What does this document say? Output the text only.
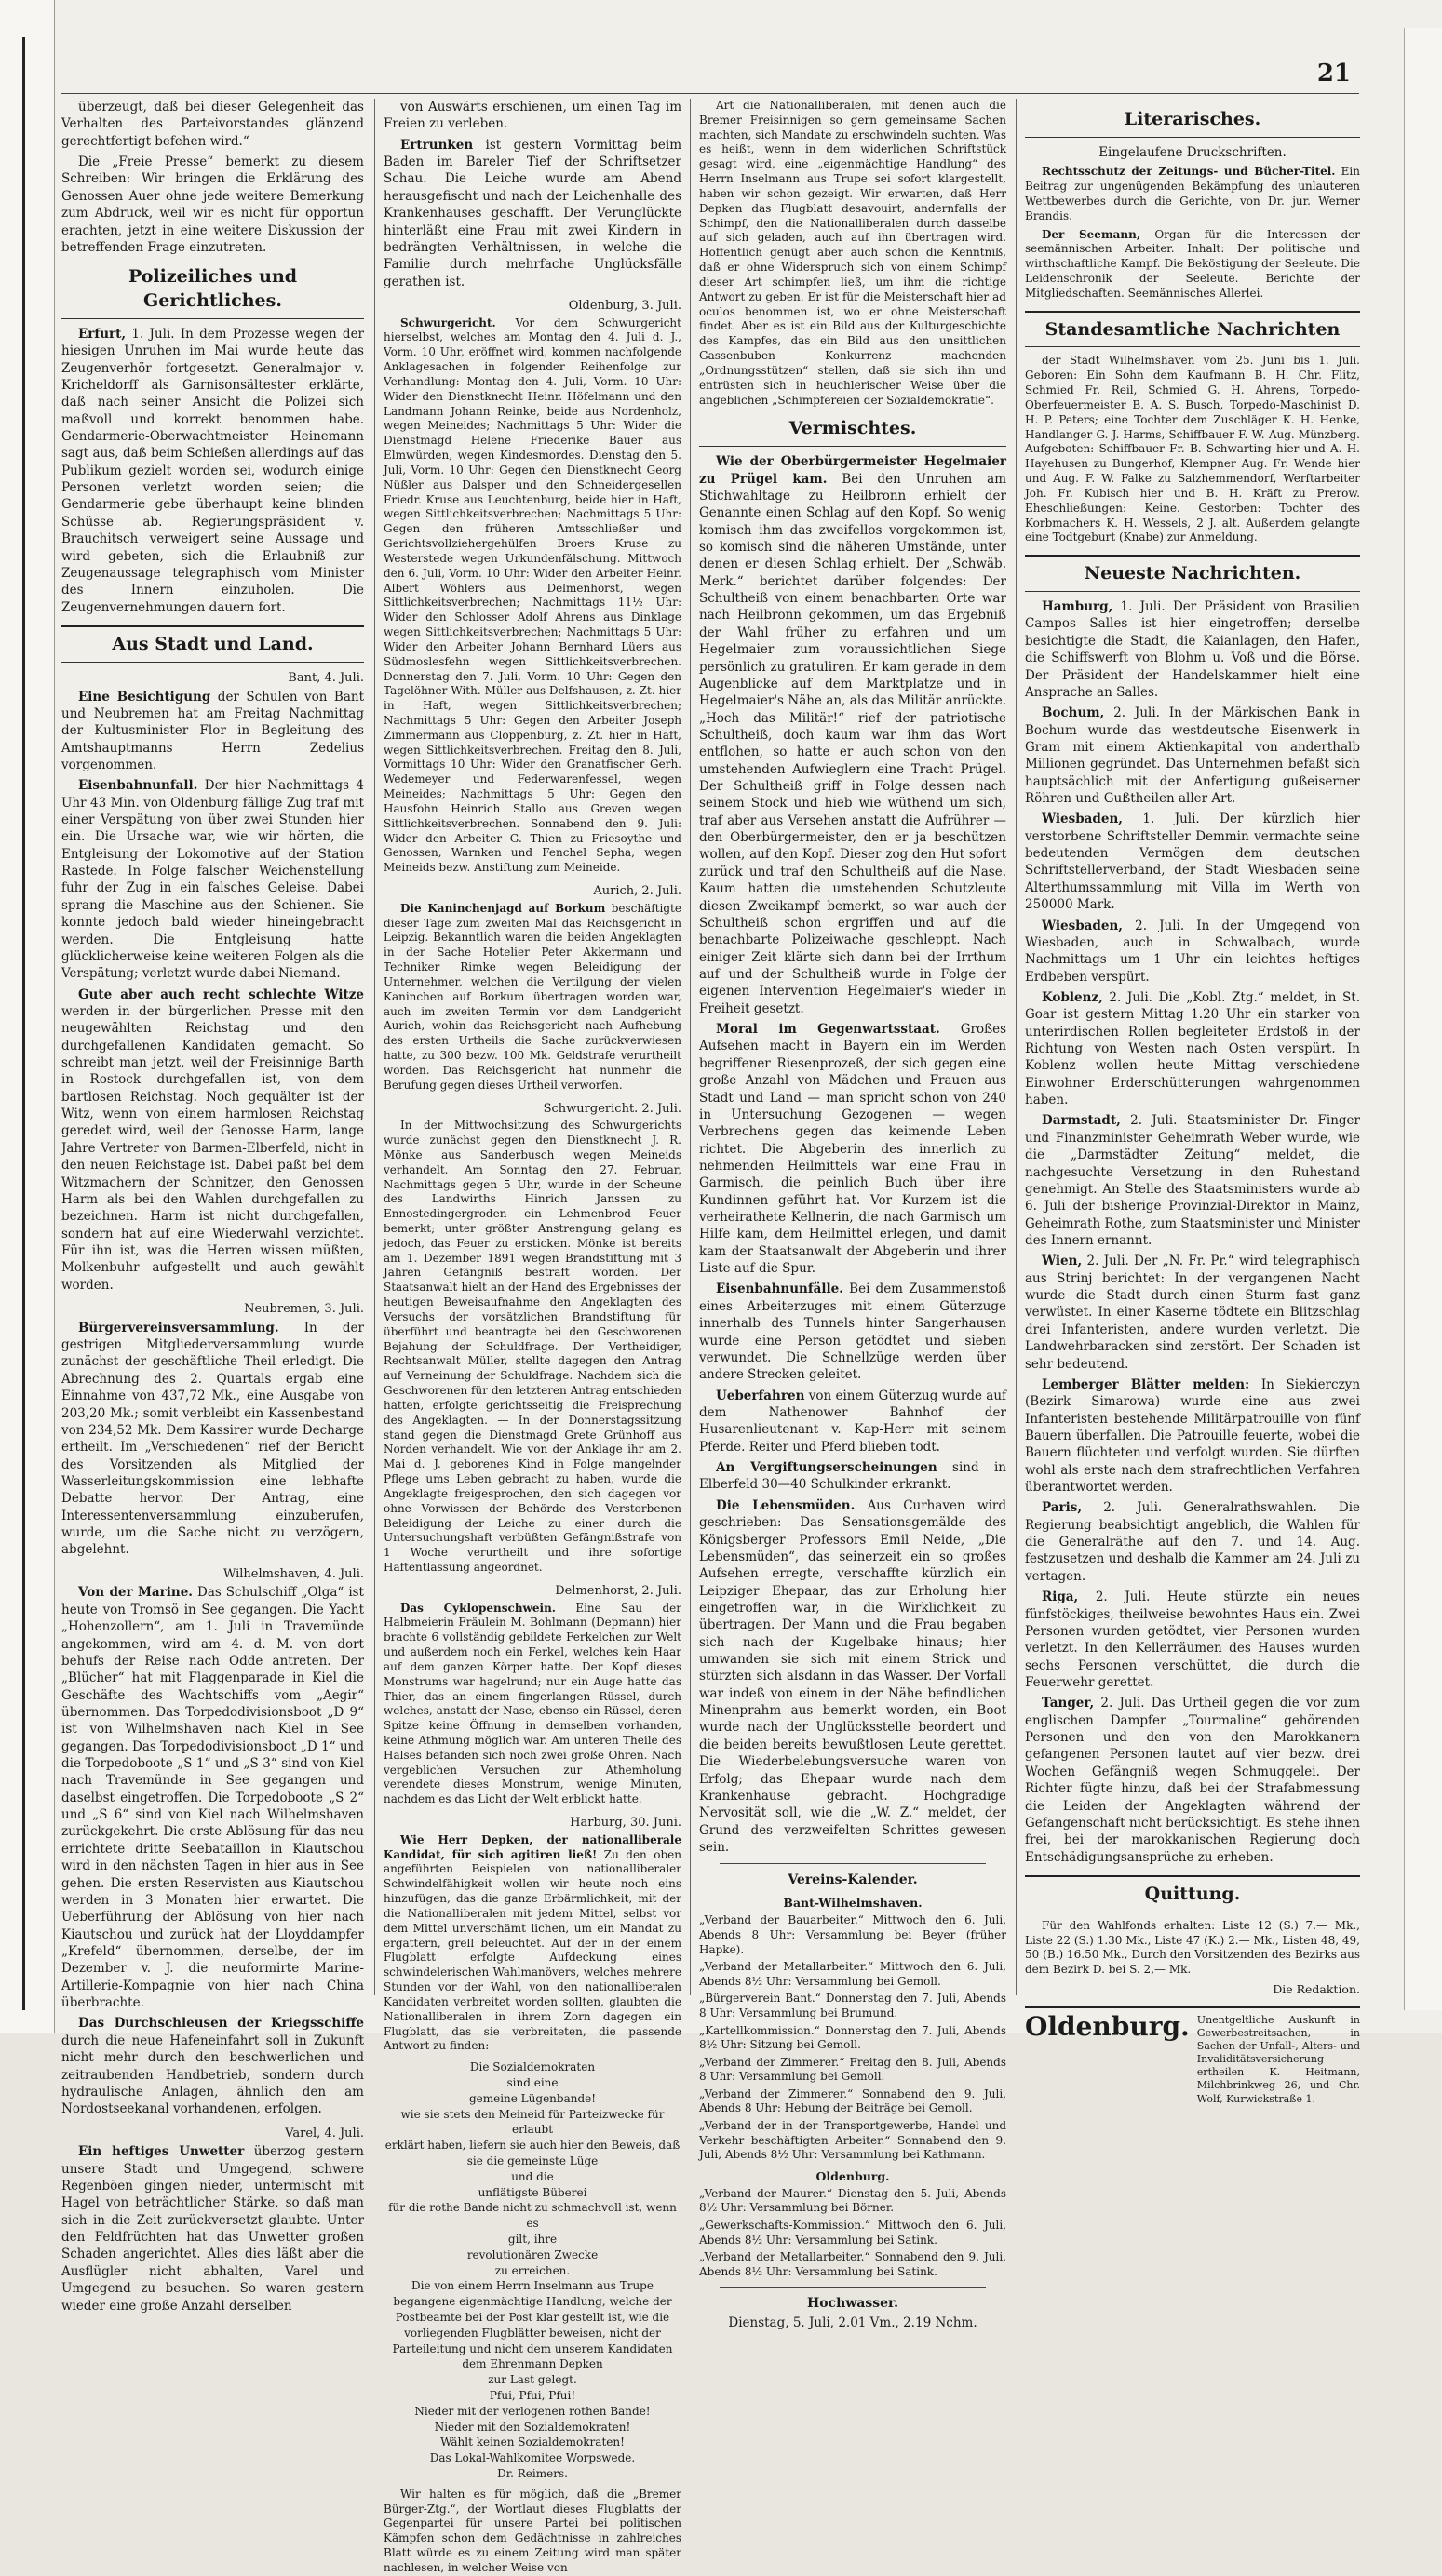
21
überzeugt, daß bei dieser Gelegenheit das Verhalten des Parteivorstandes glänzend gerechtfertigt befehen wird.“
Die „Freie Presse“ bemerkt zu diesem Schreiben: Wir bringen die Erklärung des Genossen Auer ohne jede weitere Bemerkung zum Abdruck, weil wir es nicht für opportun erachten, jetzt in eine weitere Diskussion der betreffenden Frage einzutreten.
Polizeiliches und Gerichtliches.
Erfurt, 1. Juli. In dem Prozesse wegen der hiesigen Unruhen im Mai wurde heute das Zeugenverhör fortgesetzt. Generalmajor v. Kricheldorff als Garnisonsältester erklärte, daß nach seiner Ansicht die Polizei sich maßvoll und korrekt benommen habe. Gendarmerie-Oberwachtmeister Heinemann sagt aus, daß beim Schießen allerdings auf das Publikum gezielt worden sei, wodurch einige Personen verletzt worden seien; die Gendarmerie gebe überhaupt keine blinden Schüsse ab. Regierungspräsident v. Brauchitsch verweigert seine Aussage und wird gebeten, sich die Erlaubniß zur Zeugenaussage telegraphisch vom Minister des Innern einzuholen. Die Zeugenvernehmungen dauern fort.
Aus Stadt und Land.
Bant, 4. Juli.
Eine Besichtigung der Schulen von Bant und Neubremen hat am Freitag Nachmittag der Kultusminister Flor in Begleitung des Amtshauptmanns Herrn Zedelius vorgenommen.
Eisenbahnunfall. Der hier Nachmittags 4 Uhr 43 Min. von Oldenburg fällige Zug traf mit einer Verspätung von über zwei Stunden hier ein. Die Ursache war, wie wir hörten, die Entgleisung der Lokomotive auf der Station Rastede. In Folge falscher Weichenstellung fuhr der Zug in ein falsches Geleise. Dabei sprang die Maschine aus den Schienen. Sie konnte jedoch bald wieder hineingebracht werden. Die Entgleisung hatte glücklicherweise keine weiteren Folgen als die Verspätung; verletzt wurde dabei Niemand.
Gute aber auch recht schlechte Witze werden in der bürgerlichen Presse mit den neugewählten Reichstag und den durchgefallenen Kandidaten gemacht. So schreibt man jetzt, weil der Freisinnige Barth in Rostock durchgefallen ist, von dem bartlosen Reichstag. Noch gequälter ist der Witz, wenn von einem harmlosen Reichstag geredet wird, weil der Genosse Harm, lange Jahre Vertreter von Barmen-Elberfeld, nicht in den neuen Reichstage ist. Dabei paßt bei dem Witzmachern der Schnitzer, den Genossen Harm als bei den Wahlen durchgefallen zu bezeichnen. Harm ist nicht durchgefallen, sondern hat auf eine Wiederwahl verzichtet. Für ihn ist, was die Herren wissen müßten, Molkenbuhr aufgestellt und auch gewählt worden.
Neubremen, 3. Juli.
Bürgervereinsversammlung. In der gestrigen Mitgliederversammlung wurde zunächst der geschäftliche Theil erledigt. Die Abrechnung des 2. Quartals ergab eine Einnahme von 437,72 Mk., eine Ausgabe von 203,20 Mk.; somit verbleibt ein Kassenbestand von 234,52 Mk. Dem Kassirer wurde Decharge ertheilt. Im „Verschiedenen“ rief der Bericht des Vorsitzenden als Mitglied der Wasserleitungskommission eine lebhafte Debatte hervor. Der Antrag, eine Interessentenversammlung einzuberufen, wurde, um die Sache nicht zu verzögern, abgelehnt.
Wilhelmshaven, 4. Juli.
Von der Marine. Das Schulschiff „Olga“ ist heute von Tromsö in See gegangen. Die Yacht „Hohenzollern“, am 1. Juli in Travemünde angekommen, wird am 4. d. M. von dort behufs der Reise nach Odde antreten. Der „Blücher“ hat mit Flaggenparade in Kiel die Geschäfte des Wachtschiffs vom „Aegir“ übernommen. Das Torpedodivisionsboot „D 9“ ist von Wilhelmshaven nach Kiel in See gegangen. Das Torpedodivisionsboot „D 1“ und die Torpedoboote „S 1“ und „S 3“ sind von Kiel nach Travemünde in See gegangen und daselbst eingetroffen. Die Torpedoboote „S 2“ und „S 6“ sind von Kiel nach Wilhelmshaven zurückgekehrt. Die erste Ablösung für das neu errichtete dritte Seebataillon in Kiautschou wird in den nächsten Tagen in hier aus in See gehen. Die ersten Reservisten aus Kiautschou werden in 3 Monaten hier erwartet. Die Ueberführung der Ablösung von hier nach Kiautschou und zurück hat der Lloyddampfer „Krefeld“ übernommen, derselbe, der im Dezember v. J. die neuformirte Marine-Artillerie-Kompagnie von hier nach China überbrachte.
Das Durchschleusen der Kriegsschiffe durch die neue Hafeneinfahrt soll in Zukunft nicht mehr durch den beschwerlichen und zeitraubenden Handbetrieb, sondern durch hydraulische Anlagen, ähnlich den am Nordostseekanal vorhandenen, erfolgen.
Varel, 4. Juli.
Ein heftiges Unwetter überzog gestern unsere Stadt und Umgegend, schwere Regenböen gingen nieder, untermischt mit Hagel von beträchtlicher Stärke, so daß man sich in die Zeit zurückversetzt glaubte. Unter den Feldfrüchten hat das Unwetter großen Schaden angerichtet. Alles dies läßt aber die Ausflügler nicht abhalten, Varel und Umgegend zu besuchen. So waren gestern wieder eine große Anzahl derselben
von Auswärts erschienen, um einen Tag im Freien zu verleben.
Ertrunken ist gestern Vormittag beim Baden im Bareler Tief der Schriftsetzer Schau. Die Leiche wurde am Abend herausgefischt und nach der Leichenhalle des Krankenhauses geschafft. Der Verunglückte hinterläßt eine Frau mit zwei Kindern in bedrängten Verhältnissen, in welche die Familie durch mehrfache Unglücksfälle gerathen ist.
Oldenburg, 3. Juli.
Schwurgericht. Vor dem Schwurgericht hierselbst, welches am Montag den 4. Juli d. J., Vorm. 10 Uhr, eröffnet wird, kommen nachfolgende Anklagesachen in folgender Reihenfolge zur Verhandlung: Montag den 4. Juli, Vorm. 10 Uhr: Wider den Dienstknecht Heinr. Höfelmann und den Landmann Johann Reinke, beide aus Nordenholz, wegen Meineides; Nachmittags 5 Uhr: Wider die Dienstmagd Helene Friederike Bauer aus Elmwürden, wegen Kindesmordes. Dienstag den 5. Juli, Vorm. 10 Uhr: Gegen den Dienstknecht Georg Nüßler aus Dalsper und den Schneidergesellen Friedr. Kruse aus Leuchtenburg, beide hier in Haft, wegen Sittlichkeitsverbrechen; Nachmittags 5 Uhr: Gegen den früheren Amtsschließer und Gerichtsvollziehergehülfen Broers Kruse zu Westerstede wegen Urkundenfälschung. Mittwoch den 6. Juli, Vorm. 10 Uhr: Wider den Arbeiter Heinr. Albert Wöhlers aus Delmenhorst, wegen Sittlichkeitsverbrechen; Nachmittags 11½ Uhr: Wider den Schlosser Adolf Ahrens aus Dinklage wegen Sittlichkeitsverbrechen; Nachmittags 5 Uhr: Wider den Arbeiter Johann Bernhard Lüers aus Südmoslesfehn wegen Sittlichkeitsverbrechen. Donnerstag den 7. Juli, Vorm. 10 Uhr: Gegen den Tagelöhner With. Müller aus Delfshausen, z. Zt. hier in Haft, wegen Sittlichkeitsverbrechen; Nachmittags 5 Uhr: Gegen den Arbeiter Joseph Zimmermann aus Cloppenburg, z. Zt. hier in Haft, wegen Sittlichkeitsverbrechen. Freitag den 8. Juli, Vormittags 10 Uhr: Wider den Granatfischer Gerh. Wedemeyer und Federwarenfessel, wegen Meineides; Nachmittags 5 Uhr: Gegen den Hausfohn Heinrich Stallo aus Greven wegen Sittlichkeitsverbrechen. Sonnabend den 9. Juli: Wider den Arbeiter G. Thien zu Friesoythe und Genossen, Warnken und Fenchel Sepha, wegen Meineids bezw. Anstiftung zum Meineide.
Aurich, 2. Juli.
Die Kaninchenjagd auf Borkum beschäftigte dieser Tage zum zweiten Mal das Reichsgericht in Leipzig. Bekanntlich waren die beiden Angeklagten in der Sache Hotelier Peter Akkermann und Techniker Rimke wegen Beleidigung der Unternehmer, welchen die Vertilgung der vielen Kaninchen auf Borkum übertragen worden war, auch im zweiten Termin vor dem Landgericht Aurich, wohin das Reichsgericht nach Aufhebung des ersten Urtheils die Sache zurückverwiesen hatte, zu 300 bezw. 100 Mk. Geldstrafe verurtheilt worden. Das Reichsgericht hat nunmehr die Berufung gegen dieses Urtheil verworfen.
Schwurgericht. 2. Juli.
In der Mittwochsitzung des Schwurgerichts wurde zunächst gegen den Dienstknecht J. R. Mönke aus Sanderbusch wegen Meineids verhandelt. Am Sonntag den 27. Februar, Nachmittags gegen 5 Uhr, wurde in der Scheune des Landwirths Hinrich Janssen zu Ennostedingergroden ein Lehmenbrod Feuer bemerkt; unter größter Anstrengung gelang es jedoch, das Feuer zu ersticken. Mönke ist bereits am 1. Dezember 1891 wegen Brandstiftung mit 3 Jahren Gefängniß bestraft worden. Der Staatsanwalt hielt an der Hand des Ergebnisses der heutigen Beweisaufnahme den Angeklagten des Versuchs der vorsätzlichen Brandstiftung für überführt und beantragte bei den Geschworenen Bejahung der Schuldfrage. Der Vertheidiger, Rechtsanwalt Müller, stellte dagegen den Antrag auf Verneinung der Schuldfrage. Nachdem sich die Geschworenen für den letzteren Antrag entschieden hatten, erfolgte gerichtsseitig die Freisprechung des Angeklagten. — In der Donnerstagssitzung stand gegen die Dienstmagd Grete Grünhoff aus Norden verhandelt. Wie von der Anklage ihr am 2. Mai d. J. geborenes Kind in Folge mangelnder Pflege ums Leben gebracht zu haben, wurde die Angeklagte freigesprochen, den sich dagegen vor ohne Vorwissen der Behörde des Verstorbenen Beleidigung der Leiche zu einer durch die Untersuchungshaft verbüßten Gefängnißstrafe von 1 Woche verurtheilt und ihre sofortige Haftentlassung angeordnet.
Delmenhorst, 2. Juli.
Das Cyklopenschwein. Eine Sau der Halbmeierin Fräulein M. Bohlmann (Depmann) hier brachte 6 vollständig gebildete Ferkelchen zur Welt und außerdem noch ein Ferkel, welches kein Haar auf dem ganzen Körper hatte. Der Kopf dieses Monstrums war hagelrund; nur ein Auge hatte das Thier, das an einem fingerlangen Rüssel, durch welches, anstatt der Nase, ebenso ein Rüssel, deren Spitze keine Öffnung in demselben vorhanden, keine Athmung möglich war. Am unteren Theile des Halses befanden sich noch zwei große Ohren. Nach vergeblichen Versuchen zur Athemholung verendete dieses Monstrum, wenige Minuten, nachdem es das Licht der Welt erblickt hatte.
Harburg, 30. Juni.
Wie Herr Depken, der nationalliberale Kandidat, für sich agitiren ließ! Zu den oben angeführten Beispielen von nationalliberaler Schwindelfähigkeit wollen wir heute noch eins hinzufügen, das die ganze Erbärmlichkeit, mit der die Nationalliberalen mit jedem Mittel, selbst vor dem Mittel unverschämt lichen, um ein Mandat zu ergattern, grell beleuchtet. Auf der in der einem Flugblatt erfolgte Aufdeckung eines schwindelerischen Wahlmanövers, welches mehrere Stunden vor der Wahl, von den nationalliberalen Kandidaten verbreitet worden sollten, glaubten die Nationalliberalen in ihrem Zorn dagegen ein Flugblatt, das sie verbreiteten, die passende Antwort zu finden:
Die Sozialdemokraten
sind eine
gemeine Lügenbande!
wie sie stets den Meineid für Parteizwecke für erlaubt
erklärt haben, liefern sie auch hier den Beweis, daß
sie die gemeinste Lüge
und die
unflätigste Büberei
für die rothe Bande nicht zu schmachvoll ist, wenn es
gilt, ihre
revolutionären Zwecke
zu erreichen.
Die von einem Herrn Inselmann aus Trupe begangene eigenmächtige Handlung, welche der Postbeamte bei der Post klar gestellt ist, wie die vorliegenden Flugblätter beweisen, nicht der Parteileitung und nicht dem unserem Kandidaten
dem Ehrenmann Depken
zur Last gelegt.
Pfui, Pfui, Pfui!
Nieder mit der verlogenen rothen Bande!
Nieder mit den Sozialdemokraten!
Wählt keinen Sozialdemokraten!
Das Lokal-Wahlkomitee Worpswede.
Dr. Reimers.
Wir halten es für möglich, daß die „Bremer Bürger-Ztg.“, der Wortlaut dieses Flugblatts der Gegenpartei für unsere Partei bei politischen Kämpfen schon dem Gedächtnisse in zahlreiches Blatt würde es zu einem Zeitung wird man später nachlesen, in welcher Weise von
Art die Nationalliberalen, mit denen auch die Bremer Freisinnigen so gern gemeinsame Sachen machten, sich Mandate zu erschwindeln suchten. Was es heißt, wenn in dem widerlichen Schriftstück gesagt wird, eine „eigenmächtige Handlung“ des Herrn Inselmann aus Trupe sei sofort klargestellt, haben wir schon gezeigt. Wir erwarten, daß Herr Depken das Flugblatt desavouirt, andernfalls der Schimpf, den die Nationalliberalen durch dasselbe auf sich geladen, auch auf ihn übertragen wird. Hoffentlich genügt aber auch schon die Kenntniß, daß er ohne Widerspruch sich von einem Schimpf dieser Art schimpfen ließ, um ihm die richtige Antwort zu geben. Er ist für die Meisterschaft hier ad oculos benommen ist, wo er ohne Meisterschaft findet. Aber es ist ein Bild aus der Kulturgeschichte des Kampfes, das ein Bild aus den unsittlichen Gassenbuben Konkurrenz machenden „Ordnungsstützen“ stellen, daß sie sich ihn und entrüsten sich in heuchlerischer Weise über die angeblichen „Schimpfereien der Sozialdemokratie“.
Vermischtes.
Wie der Oberbürgermeister Hegelmaier zu Prügel kam. Bei den Unruhen am Stichwahltage zu Heilbronn erhielt der Genannte einen Schlag auf den Kopf. So wenig komisch ihm das zweifellos vorgekommen ist, so komisch sind die näheren Umstände, unter denen er diesen Schlag erhielt. Der „Schwäb. Merk.“ berichtet darüber folgendes: Der Schultheiß von einem benachbarten Orte war nach Heilbronn gekommen, um das Ergebniß der Wahl früher zu erfahren und um Hegelmaier zum voraussichtlichen Siege persönlich zu gratuliren. Er kam gerade in dem Augenblicke auf dem Marktplatze und in Hegelmaier's Nähe an, als das Militär anrückte. „Hoch das Militär!“ rief der patriotische Schultheiß, doch kaum war ihm das Wort entflohen, so hatte er auch schon von den umstehenden Aufwieglern eine Tracht Prügel. Der Schultheiß griff in Folge dessen nach seinem Stock und hieb wie wüthend um sich, traf aber aus Versehen anstatt die Aufrührer — den Oberbürgermeister, den er ja beschützen wollen, auf den Kopf. Dieser zog den Hut sofort zurück und traf den Schultheiß auf die Nase. Kaum hatten die umstehenden Schutzleute diesen Zweikampf bemerkt, so war auch der Schultheiß schon ergriffen und auf die benachbarte Polizeiwache geschleppt. Nach einiger Zeit klärte sich dann bei der Irrthum auf und der Schultheiß wurde in Folge der eigenen Intervention Hegelmaier's wieder in Freiheit gesetzt.
Moral im Gegenwartsstaat. Großes Aufsehen macht in Bayern ein im Werden begriffener Riesenprozeß, der sich gegen eine große Anzahl von Mädchen und Frauen aus Stadt und Land — man spricht schon von 240 in Untersuchung Gezogenen — wegen Verbrechens gegen das keimende Leben richtet. Die Abgeberin des innerlich zu nehmenden Heilmittels war eine Frau in Garmisch, die peinlich Buch über ihre Kundinnen geführt hat. Vor Kurzem ist die verheirathete Kellnerin, die nach Garmisch um Hilfe kam, dem Heilmittel erlegen, und damit kam der Staatsanwalt der Abgeberin und ihrer Liste auf die Spur.
Eisenbahnunfälle. Bei dem Zusammenstoß eines Arbeiterzuges mit einem Güterzuge innerhalb des Tunnels hinter Sangerhausen wurde eine Person getödtet und sieben verwundet. Die Schnellzüge werden über andere Strecken geleitet.
Ueberfahren von einem Güterzug wurde auf dem Nathenower Bahnhof der Husarenlieutenant v. Kap-Herr mit seinem Pferde. Reiter und Pferd blieben todt.
An Vergiftungserscheinungen sind in Elberfeld 30—40 Schulkinder erkrankt.
Die Lebensmüden. Aus Curhaven wird geschrieben: Das Sensationsgemälde des Königsberger Professors Emil Neide, „Die Lebensmüden“, das seinerzeit ein so großes Aufsehen erregte, verschaffte kürzlich ein Leipziger Ehepaar, das zur Erholung hier eingetroffen war, in die Wirklichkeit zu übertragen. Der Mann und die Frau begaben sich nach der Kugelbake hinaus; hier umwanden sie sich mit einem Strick und stürzten sich alsdann in das Wasser. Der Vorfall war indeß von einem in der Nähe befindlichen Minenprahm aus bemerkt worden, ein Boot wurde nach der Unglücksstelle beordert und die beiden bereits bewußtlosen Leute gerettet. Die Wiederbelebungsversuche waren von Erfolg; das Ehepaar wurde nach dem Krankenhause gebracht. Hochgradige Nervosität soll, wie die „W. Z.“ meldet, der Grund des verzweifelten Schrittes gewesen sein.
Vereins-Kalender.
Bant-Wilhelmshaven.
„Verband der Bauarbeiter.“ Mittwoch den 6. Juli, Abends 8 Uhr: Versammlung bei Beyer (früher Hapke).
„Verband der Metallarbeiter.“ Mittwoch den 6. Juli, Abends 8½ Uhr: Versammlung bei Gemoll.
„Bürgerverein Bant.“ Donnerstag den 7. Juli, Abends 8 Uhr: Versammlung bei Brumund.
„Kartellkommission.“ Donnerstag den 7. Juli, Abends 8½ Uhr: Sitzung bei Gemoll.
„Verband der Zimmerer.“ Freitag den 8. Juli, Abends 8 Uhr: Versammlung bei Gemoll.
„Verband der Zimmerer.“ Sonnabend den 9. Juli, Abends 8 Uhr: Hebung der Beiträge bei Gemoll.
„Verband der in der Transportgewerbe, Handel und Verkehr beschäftigten Arbeiter.“ Sonnabend den 9. Juli, Abends 8½ Uhr: Versammlung bei Kathmann.
Oldenburg.
„Verband der Maurer.“ Dienstag den 5. Juli, Abends 8½ Uhr: Versammlung bei Börner.
„Gewerkschafts-Kommission.“ Mittwoch den 6. Juli, Abends 8½ Uhr: Versammlung bei Satink.
„Verband der Metallarbeiter.“ Sonnabend den 9. Juli, Abends 8½ Uhr: Versammlung bei Satink.
Hochwasser.
Dienstag, 5. Juli, 2.01 Vm., 2.19 Nchm.
Literarisches.
Eingelaufene Druckschriften.
Rechtsschutz der Zeitungs- und Bücher-Titel. Ein Beitrag zur ungenügenden Bekämpfung des unlauteren Wettbewerbes durch die Gerichte, von Dr. jur. Werner Brandis.
Der Seemann, Organ für die Interessen der seemännischen Arbeiter. Inhalt: Der politische und wirthschaftliche Kampf. Die Beköstigung der Seeleute. Die Leidenschronik der Seeleute. Berichte der Mitgliedschaften. Seemännisches Allerlei.
Standesamtliche Nachrichten
der Stadt Wilhelmshaven vom 25. Juni bis 1. Juli. Geboren: Ein Sohn dem Kaufmann B. H. Chr. Flitz, Schmied Fr. Reil, Schmied G. H. Ahrens, Torpedo-Oberfeuermeister B. A. S. Busch, Torpedo-Maschinist D. H. P. Peters; eine Tochter dem Zuschläger K. H. Henke, Handlanger G. J. Harms, Schiffbauer F. W. Aug. Münzberg. Aufgeboten: Schiffbauer Fr. B. Schwarting hier und A. H. Hayehusen zu Bungerhof, Klempner Aug. Fr. Wende hier und Aug. F. W. Falke zu Salzhemmendorf, Werftarbeiter Joh. Fr. Kubisch hier und B. H. Kräft zu Prerow. Eheschließungen: Keine. Gestorben: Tochter des Korbmachers K. H. Wessels, 2 J. alt. Außerdem gelangte eine Todtgeburt (Knabe) zur Anmeldung.
Neueste Nachrichten.
Hamburg, 1. Juli. Der Präsident von Brasilien Campos Salles ist hier eingetroffen; derselbe besichtigte die Stadt, die Kaianlagen, den Hafen, die Schiffswerft von Blohm u. Voß und die Börse. Der Präsident der Handelskammer hielt eine Ansprache an Salles.
Bochum, 2. Juli. In der Märkischen Bank in Bochum wurde das westdeutsche Eisenwerk in Gram mit einem Aktienkapital von anderthalb Millionen gegründet. Das Unternehmen befaßt sich hauptsächlich mit der Anfertigung gußeiserner Röhren und Gußtheilen aller Art.
Wiesbaden, 1. Juli. Der kürzlich hier verstorbene Schriftsteller Demmin vermachte seine bedeutenden Vermögen dem deutschen Schriftstellerverband, der Stadt Wiesbaden seine Alterthumssammlung mit Villa im Werth von 250000 Mark.
Wiesbaden, 2. Juli. In der Umgegend von Wiesbaden, auch in Schwalbach, wurde Nachmittags um 1 Uhr ein leichtes heftiges Erdbeben verspürt.
Koblenz, 2. Juli. Die „Kobl. Ztg.“ meldet, in St. Goar ist gestern Mittag 1.20 Uhr ein starker von unterirdischen Rollen begleiteter Erdstoß in der Richtung von Westen nach Osten verspürt. In Koblenz wollen heute Mittag verschiedene Einwohner Erderschütterungen wahrgenommen haben.
Darmstadt, 2. Juli. Staatsminister Dr. Finger und Finanzminister Geheimrath Weber wurde, wie die „Darmstädter Zeitung“ meldet, die nachgesuchte Versetzung in den Ruhestand genehmigt. An Stelle des Staatsministers wurde ab 6. Juli der bisherige Provinzial-Direktor in Mainz, Geheimrath Rothe, zum Staatsminister und Minister des Innern ernannt.
Wien, 2. Juli. Der „N. Fr. Pr.“ wird telegraphisch aus Strinj berichtet: In der vergangenen Nacht wurde die Stadt durch einen Sturm fast ganz verwüstet. In einer Kaserne tödtete ein Blitzschlag drei Infanteristen, andere wurden verletzt. Die Landwehrbaracken sind zerstört. Der Schaden ist sehr bedeutend.
Lemberger Blätter melden: In Siekierczyn (Bezirk Simarowa) wurde eine aus zwei Infanteristen bestehende Militärpatrouille von fünf Bauern überfallen. Die Patrouille feuerte, wobei die Bauern flüchteten und verfolgt wurden. Sie dürften wohl als erste nach dem strafrechtlichen Verfahren überantwortet werden.
Paris, 2. Juli. Generalrathswahlen. Die Regierung beabsichtigt angeblich, die Wahlen für die Generalräthe auf den 7. und 14. Aug. festzusetzen und deshalb die Kammer am 24. Juli zu vertagen.
Riga, 2. Juli. Heute stürzte ein neues fünfstöckiges, theilweise bewohntes Haus ein. Zwei Personen wurden getödtet, vier Personen wurden verletzt. In den Kellerräumen des Hauses wurden sechs Personen verschüttet, die durch die Feuerwehr gerettet.
Tanger, 2. Juli. Das Urtheil gegen die vor zum englischen Dampfer „Tourmaline“ gehörenden Personen und den von den Marokkanern gefangenen Personen lautet auf vier bezw. drei Wochen Gefängniß wegen Schmuggelei. Der Richter fügte hinzu, daß bei der Strafabmessung die Leiden der Angeklagten während der Gefangenschaft nicht berücksichtigt. Es stehe ihnen frei, bei der marokkanischen Regierung doch Entschädigungsansprüche zu erheben.
Quittung.
Für den Wahlfonds erhalten: Liste 12 (S.) 7.— Mk., Liste 22 (S.) 1.30 Mk., Liste 47 (K.) 2.— Mk., Listen 48, 49, 50 (B.) 16.50 Mk., Durch den Vorsitzenden des Bezirks aus dem Bezirk D. bei S. 2,— Mk.
Die Redaktion.
Oldenburg. Unentgeltliche Auskunft in Gewerbestreitsachen, in Sachen der Unfall-, Alters- und Invaliditätsversicherung ertheilen K. Heitmann, Milchbrinkweg 26, und Chr. Wolf, Kurwickstraße 1.
